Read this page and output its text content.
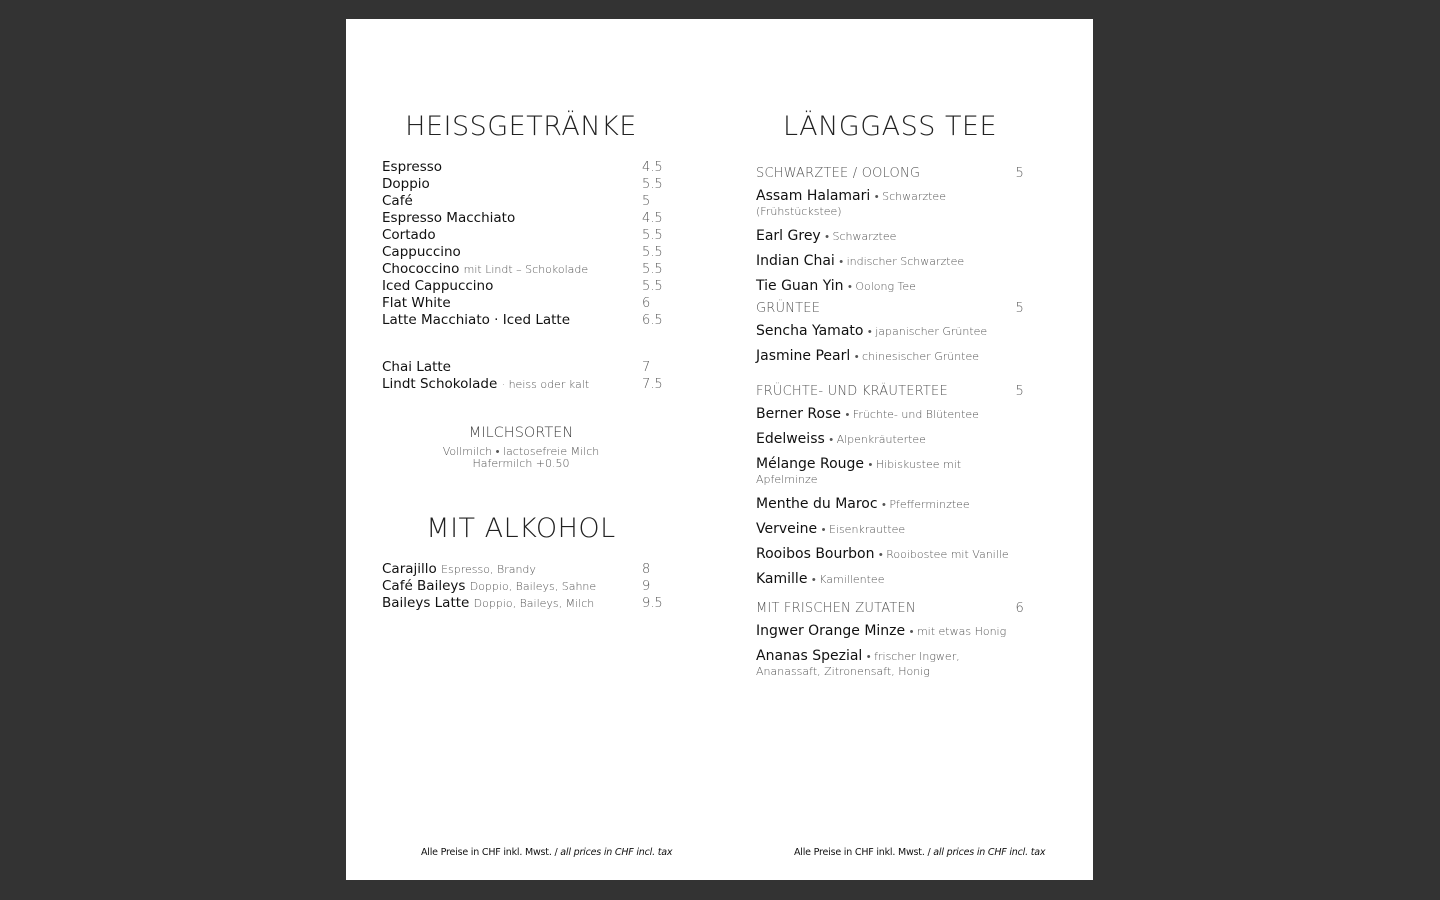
HEISSGETRÄNKE
Espresso	4.5
Doppio	5.5
Café	5
Espresso Macchiato	4.5
Cortado	5.5
Cappuccino	5.5
Chococcino mit Lindt – Schokolade	5.5
Iced Cappuccino	5.5
Flat White	6
Latte Macchiato · Iced Latte	6.5
Chai Latte	7
Lindt Schokolade · heiss oder kalt	7.5
MILCHSORTEN
Vollmilch • lactosefreie Milch
Hafermilch +0.50
MIT ALKOHOL
Carajillo Espresso, Brandy	8
Café Baileys Doppio, Baileys, Sahne	9
Baileys Latte Doppio, Baileys, Milch	9.5
LÄNGGASS TEE
SCHWARZTEE / OOLONG	5
Assam Halamari • Schwarztee (Frühstückstee)
Earl Grey • Schwarztee
Indian Chai • indischer Schwarztee
Tie Guan Yin • Oolong Tee
GRÜNTEE	5
Sencha Yamato • japanischer Grüntee
Jasmine Pearl • chinesischer Grüntee
FRÜCHTE- UND KRÄUTERTEE	5
Berner Rose • Früchte- und Blütentee
Edelweiss • Alpenkräutertee
Mélange Rouge • Hibiskustee mit Apfelminze
Menthe du Maroc • Pfefferminztee
Verveine • Eisenkrauttee
Rooibos Bourbon • Rooibostee mit Vanille
Kamille • Kamillentee
MIT FRISCHEN ZUTATEN	6
Ingwer Orange Minze • mit etwas Honig
Ananas Spezial • frischer Ingwer, Ananassaft, Zitronensaft, Honig
Alle Preise in CHF inkl. Mwst. / all prices in CHF incl. tax	Alle Preise in CHF inkl. Mwst. / all prices in CHF incl. tax
